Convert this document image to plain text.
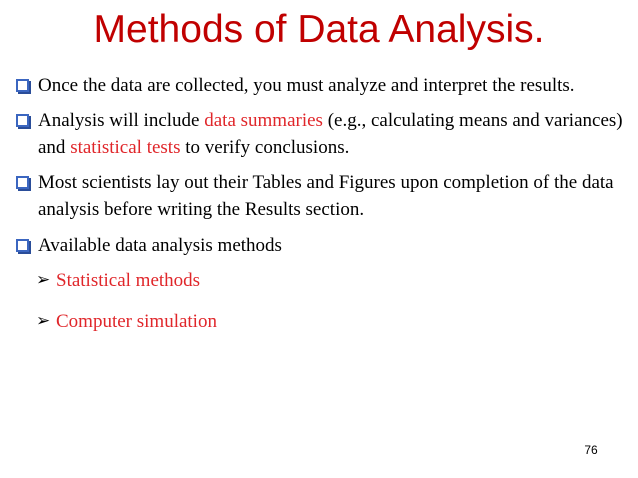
Methods of Data Analysis.
Once the data are collected, you must analyze and interpret the results.
Analysis will include data summaries (e.g., calculating means and variances) and statistical tests to verify conclusions.
Most scientists lay out their Tables and Figures upon completion of the data analysis before writing the Results section.
Available data analysis methods
➢ Statistical methods
➢ Computer simulation
76
